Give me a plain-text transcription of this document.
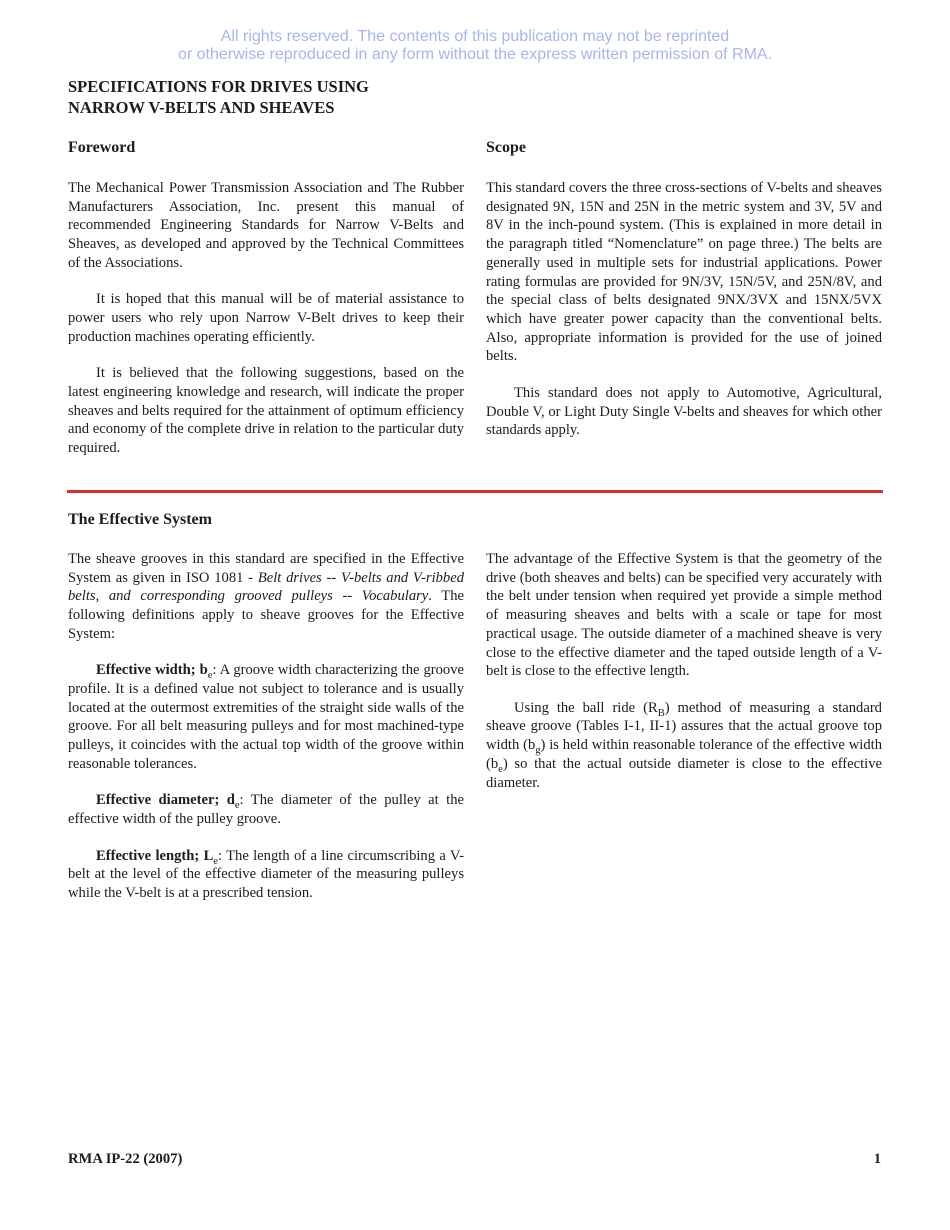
All rights reserved. The contents of this publication may not be reprinted
or otherwise reproduced in any form without the express written permission of RMA.
SPECIFICATIONS FOR DRIVES USING
NARROW V-BELTS AND SHEAVES
Foreword	Scope

The Mechanical Power Transmission Association and The Rubber Manufacturers Association, Inc. present this manual of recommended Engineering Standards for Narrow V-Belts and Sheaves, as developed and approved by the Technical Committees of the Associations.

It is hoped that this manual will be of material assistance to power users who rely upon Narrow V-Belt drives to keep their production machines operating efficiently.

It is believed that the following suggestions, based on the latest engineering knowledge and research, will indicate the proper sheaves and belts required for the attainment of optimum efficiency and economy of the complete drive in relation to the particular duty required.

This standard covers the three cross-sections of V-belts and sheaves designated 9N, 15N and 25N in the metric system and 3V, 5V and 8V in the inch-pound system. (This is explained in more detail in the paragraph titled “Nomenclature” on page three.) The belts are generally used in multiple sets for industrial applications. Power rating formulas are provided for 9N/3V, 15N/5V, and 25N/8V, and the special class of belts designated 9NX/3VX and 15NX/5VX which have greater power capacity than the conventional belts. Also, appropriate information is provided for the use of joined belts.

This standard does not apply to Automotive, Agricultural, Double V, or Light Duty Single V-belts and sheaves for which other standards apply.

The Effective System

The sheave grooves in this standard are specified in the Effective System as given in ISO 1081 - Belt drives -- V-belts and V-ribbed belts, and corresponding grooved pulleys -- Vocabulary. The following definitions apply to sheave grooves for the Effective System:

Effective width; $b_e$: A groove width characterizing the groove profile. It is a defined value not subject to tolerance and is usually located at the outermost extremities of the straight side walls of the groove. For all belt measuring pulleys and for most machined-type pulleys, it coincides with the actual top width of the groove within reasonable tolerances.

Effective diameter; $d_e$: The diameter of the pulley at the effective width of the pulley groove.

Effective length; $L_e$: The length of a line circumscribing a V-belt at the level of the effective diameter of the measuring pulleys while the V-belt is at a prescribed tension.

The advantage of the Effective System is that the geometry of the drive (both sheaves and belts) can be specified very accurately with the belt under tension when required yet provide a simple method of measuring sheaves and belts with a scale or tape for most practical usage. The outside diameter of a machined sheave is very close to the effective diameter and the taped outside length of a V-belt is close to the effective length.

Using the ball ride $(R_B)$ method of measuring a standard sheave groove (Tables I-1, II-1) assures that the actual groove top width $(b_g)$ is held within reasonable tolerance of the effective width $(b_e)$ so that the actual outside diameter is close to the effective diameter.

RMA IP-22 (2007)	1
